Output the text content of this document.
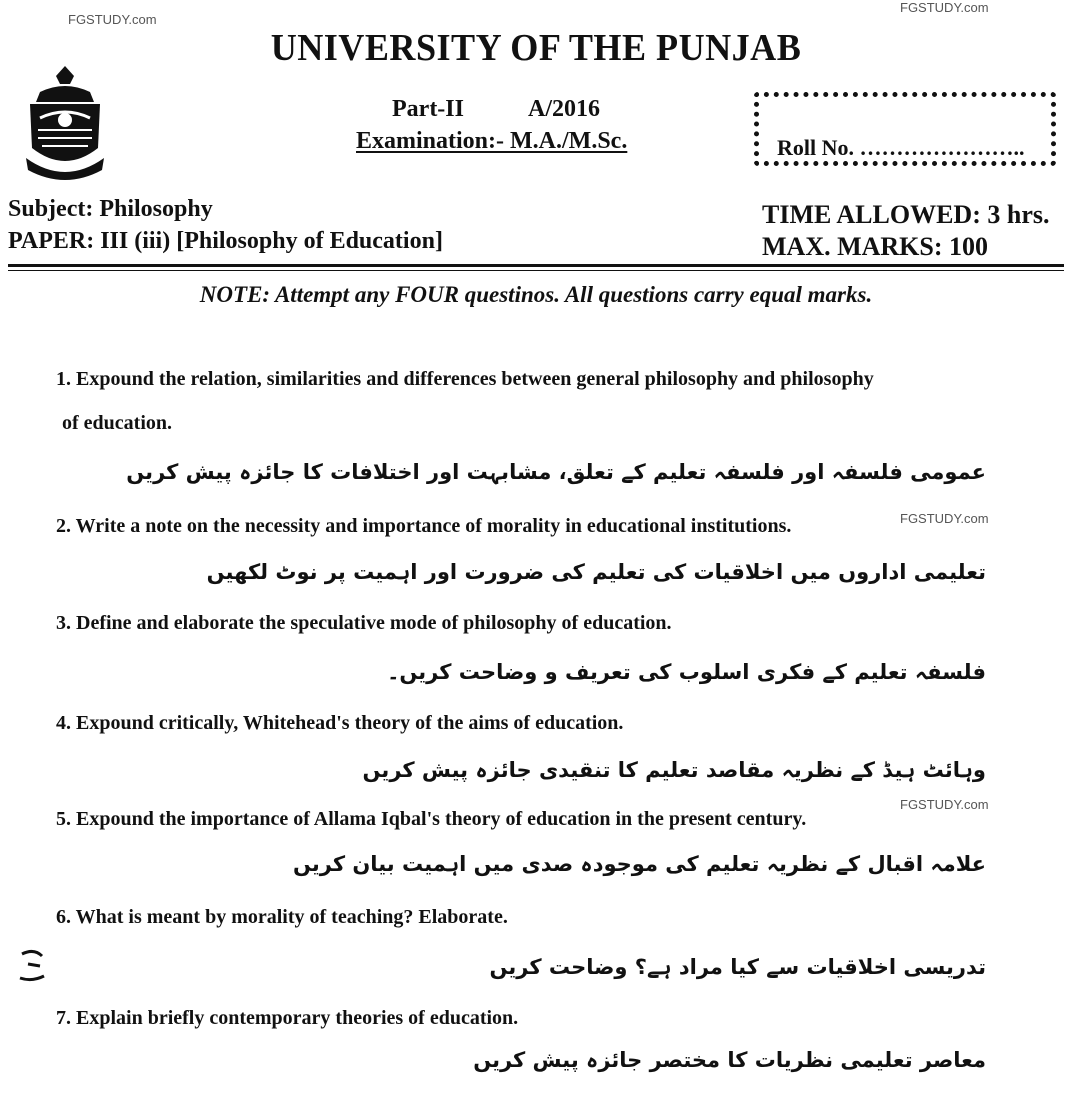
FGSTUDY.com
FGSTUDY.com
FGSTUDY.com
FGSTUDY.com
UNIVERSITY OF THE PUNJAB
Part-II	A/2016
Examination:- M.A./M.Sc.	Roll No. …………………..
Subject: Philosophy
PAPER: III (iii) [Philosophy of Education]
TIME ALLOWED: 3 hrs.
MAX. MARKS: 100
NOTE: Attempt any FOUR questinos. All questions carry equal marks.
1. Expound the relation, similarities and differences between general philosophy and philosophy
of education.
عمومی فلسفہ اور فلسفہ تعلیم کے تعلق، مشابہت اور اختلافات کا جائزہ پیش کریں
2. Write a note on the necessity and importance of morality in educational institutions.
تعلیمی اداروں میں اخلاقیات کی تعلیم کی ضرورت اور اہمیت پر نوٹ لکھیں
3. Define and elaborate the speculative mode of philosophy of education.
فلسفہ تعلیم کے فکری اسلوب کی تعریف و وضاحت کریں۔
4. Expound critically, Whitehead's theory of the aims of education.
وہائٹ ہیڈ کے نظریہ مقاصد تعلیم کا تنقیدی جائزہ پیش کریں
5. Expound the importance of Allama Iqbal's theory of education in the present century.
علامہ اقبال کے نظریہ تعلیم کی موجودہ صدی میں اہمیت بیان کریں
6. What is meant by morality of teaching? Elaborate.
تدریسی اخلاقیات سے کیا مراد ہے؟ وضاحت کریں
7. Explain briefly contemporary theories of education.
معاصر تعلیمی نظریات کا مختصر جائزہ پیش کریں
